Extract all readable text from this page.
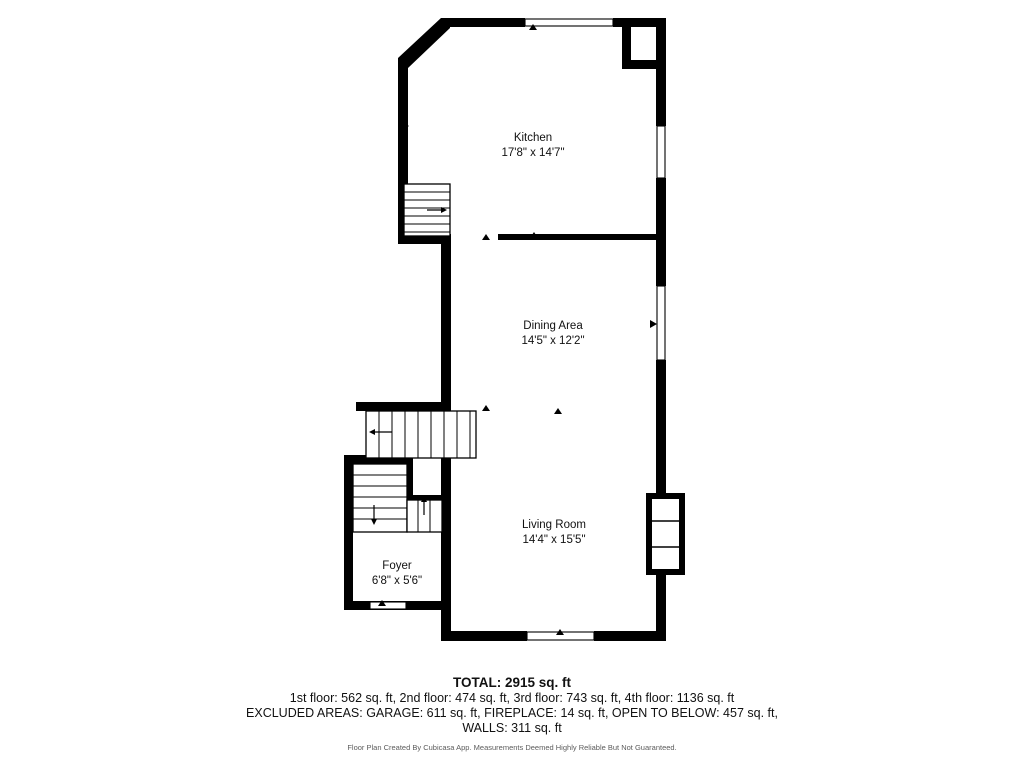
Kitchen
17'8" x 14'7"
Dining Area
14'5" x 12'2"
Living Room
14'4" x 15'5"
Foyer
6'8" x 5'6"
TOTAL: 2915 sq. ft
1st floor: 562 sq. ft, 2nd floor: 474 sq. ft, 3rd floor: 743 sq. ft, 4th floor: 1136 sq. ft
EXCLUDED AREAS: GARAGE: 611 sq. ft, FIREPLACE: 14 sq. ft, OPEN TO BELOW: 457 sq. ft,
WALLS: 311 sq. ft
Floor Plan Created By Cubicasa App. Measurements Deemed Highly Reliable But Not Guaranteed.
